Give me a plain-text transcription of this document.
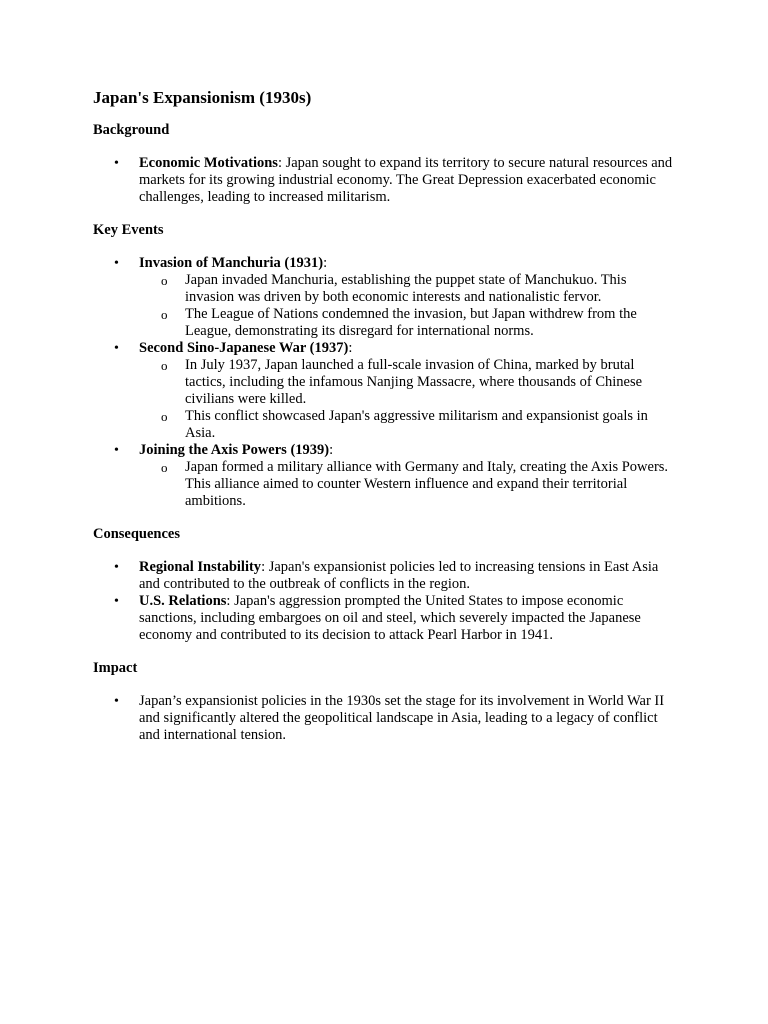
Japan's Expansionism (1930s)
Background
• Economic Motivations: Japan sought to expand its territory to secure natural resources and markets for its growing industrial economy. The Great Depression exacerbated economic challenges, leading to increased militarism.
Key Events
• Invasion of Manchuria (1931):
o Japan invaded Manchuria, establishing the puppet state of Manchukuo. This invasion was driven by both economic interests and nationalistic fervor.
o The League of Nations condemned the invasion, but Japan withdrew from the League, demonstrating its disregard for international norms.
• Second Sino-Japanese War (1937):
o In July 1937, Japan launched a full-scale invasion of China, marked by brutal tactics, including the infamous Nanjing Massacre, where thousands of Chinese civilians were killed.
o This conflict showcased Japan's aggressive militarism and expansionist goals in Asia.
• Joining the Axis Powers (1939):
o Japan formed a military alliance with Germany and Italy, creating the Axis Powers. This alliance aimed to counter Western influence and expand their territorial ambitions.
Consequences
• Regional Instability: Japan's expansionist policies led to increasing tensions in East Asia and contributed to the outbreak of conflicts in the region.
• U.S. Relations: Japan's aggression prompted the United States to impose economic sanctions, including embargoes on oil and steel, which severely impacted the Japanese economy and contributed to its decision to attack Pearl Harbor in 1941.
Impact
• Japan’s expansionist policies in the 1930s set the stage for its involvement in World War II and significantly altered the geopolitical landscape in Asia, leading to a legacy of conflict and international tension.
